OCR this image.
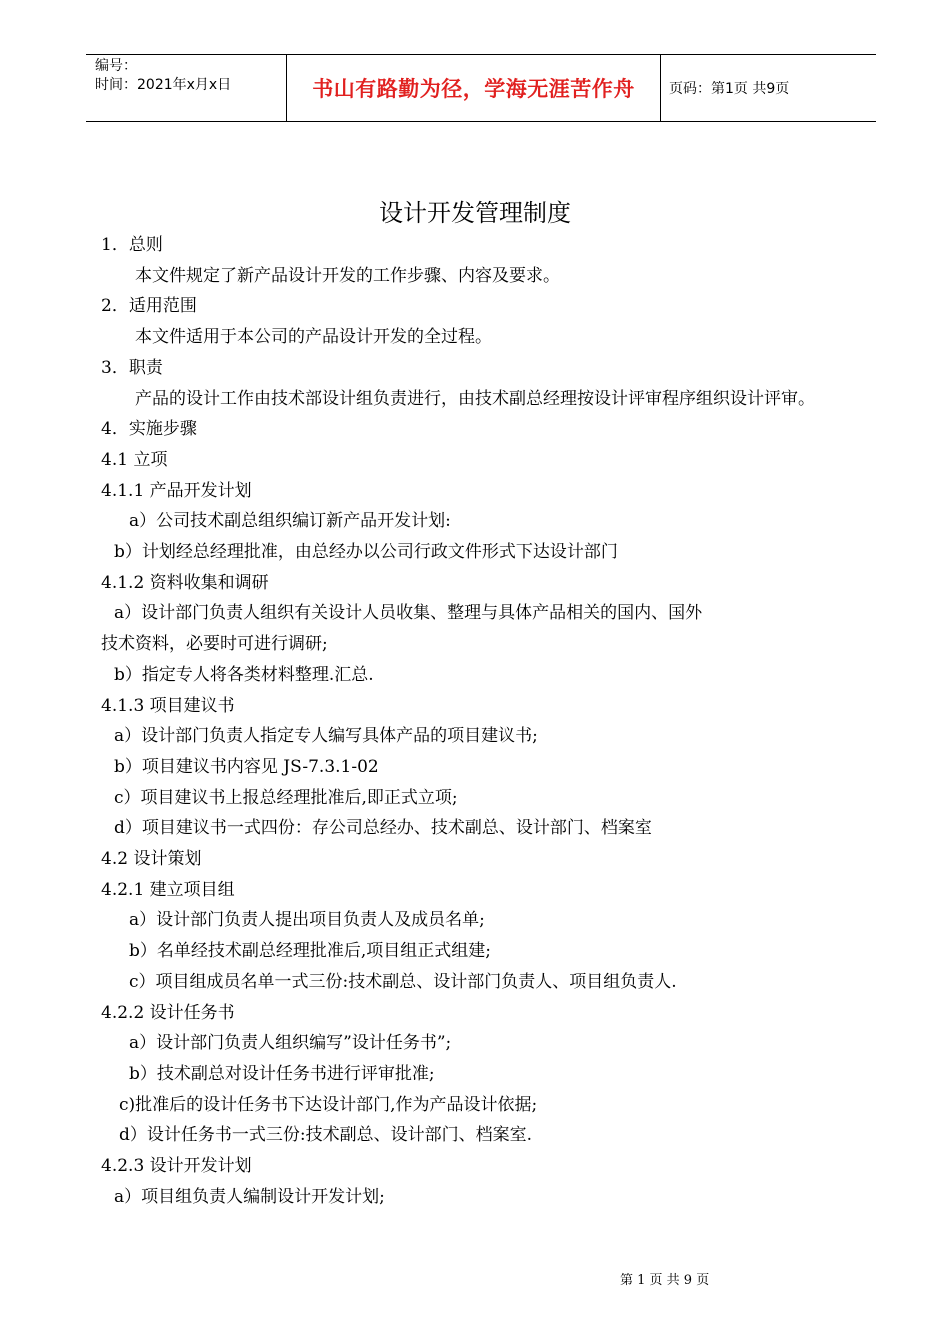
编号：
时间：2021年x月x日	书山有路勤为径，学海无涯苦作舟 页码：第1页 共9页
设计开发管理制度
1．总则
本文件规定了新产品设计开发的工作步骤、内容及要求。
2．适用范围
本文件适用于本公司的产品设计开发的全过程。
3．职责
产品的设计工作由技术部设计组负责进行，由技术副总经理按设计评审程序组织设计评审。
4．实施步骤
4.1 立项
4.1.1 产品开发计划
a）公司技术副总组织编订新产品开发计划:
b）计划经总经理批准，由总经办以公司行政文件形式下达设计部门
4.1.2 资料收集和调研
a）设计部门负责人组织有关设计人员收集、整理与具体产品相关的国内、国外
技术资料，必要时可进行调研;
b）指定专人将各类材料整理.汇总.
4.1.3 项目建议书
a）设计部门负责人指定专人编写具体产品的项目建议书;
b）项目建议书内容见 JS-7.3.1-02
c）项目建议书上报总经理批准后,即正式立项;
d）项目建议书一式四份：存公司总经办、技术副总、设计部门、档案室
4.2 设计策划
4.2.1 建立项目组
a）设计部门负责人提出项目负责人及成员名单;
b）名单经技术副总经理批准后,项目组正式组建;
c）项目组成员名单一式三份:技术副总、设计部门负责人、项目组负责人.
4.2.2 设计任务书
a）设计部门负责人组织编写”设计任务书”;
b）技术副总对设计任务书进行评审批准;
c)批准后的设计任务书下达设计部门,作为产品设计依据;
d）设计任务书一式三份:技术副总、设计部门、档案室.
4.2.3 设计开发计划
a）项目组负责人编制设计开发计划;
第 1 页 共 9 页
